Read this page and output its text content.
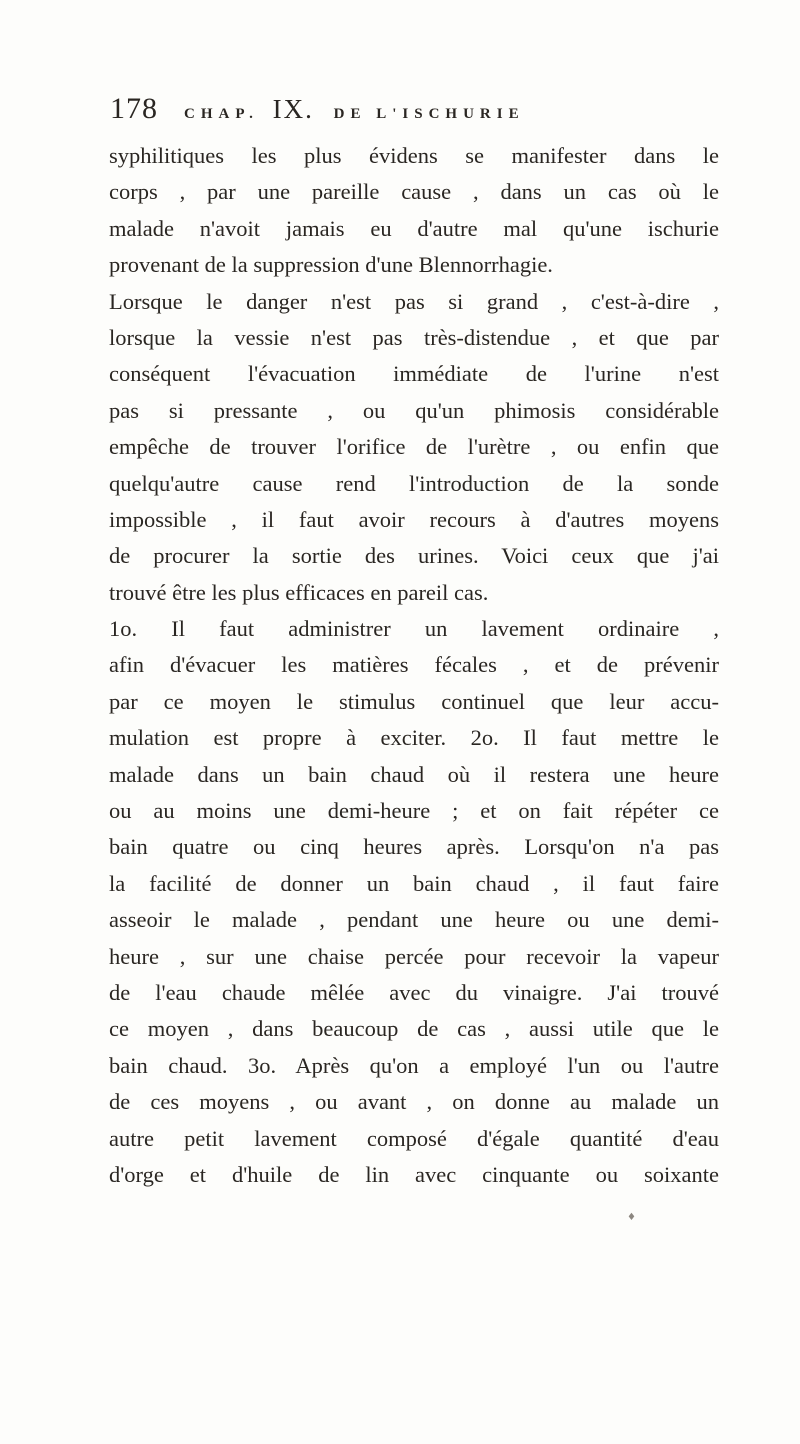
178 CHAP. IX. DE L'ISCHURIE
syphilitiques les plus évidens se manifester dans le
corps , par une pareille cause , dans un cas où le
malade n'avoit jamais eu d'autre mal qu'une ischurie
provenant de la suppression d'une Blennorrhagie.
Lorsque le danger n'est pas si grand , c'est-à-dire ,
lorsque la vessie n'est pas très-distendue , et que par
conséquent l'évacuation immédiate de l'urine n'est
pas si pressante , ou qu'un phimosis considérable
empêche de trouver l'orifice de l'urètre , ou enfin que
quelqu'autre cause rend l'introduction de la sonde
impossible , il faut avoir recours à d'autres moyens
de procurer la sortie des urines. Voici ceux que j'ai
trouvé être les plus efficaces en pareil cas.
1o. Il faut administrer un lavement ordinaire ,
afin d'évacuer les matières fécales , et de prévenir
par ce moyen le stimulus continuel que leur accu-
mulation est propre à exciter. 2o. Il faut mettre le
malade dans un bain chaud où il restera une heure
ou au moins une demi-heure ; et on fait répéter ce
bain quatre ou cinq heures après. Lorsqu'on n'a pas
la facilité de donner un bain chaud , il faut faire
asseoir le malade , pendant une heure ou une demi-
heure , sur une chaise percée pour recevoir la vapeur
de l'eau chaude mêlée avec du vinaigre. J'ai trouvé
ce moyen , dans beaucoup de cas , aussi utile que le
bain chaud. 3o. Après qu'on a employé l'un ou l'autre
de ces moyens , ou avant , on donne au malade un
autre petit lavement composé d'égale quantité d'eau
d'orge et d'huile de lin avec cinquante ou soixante
♦
